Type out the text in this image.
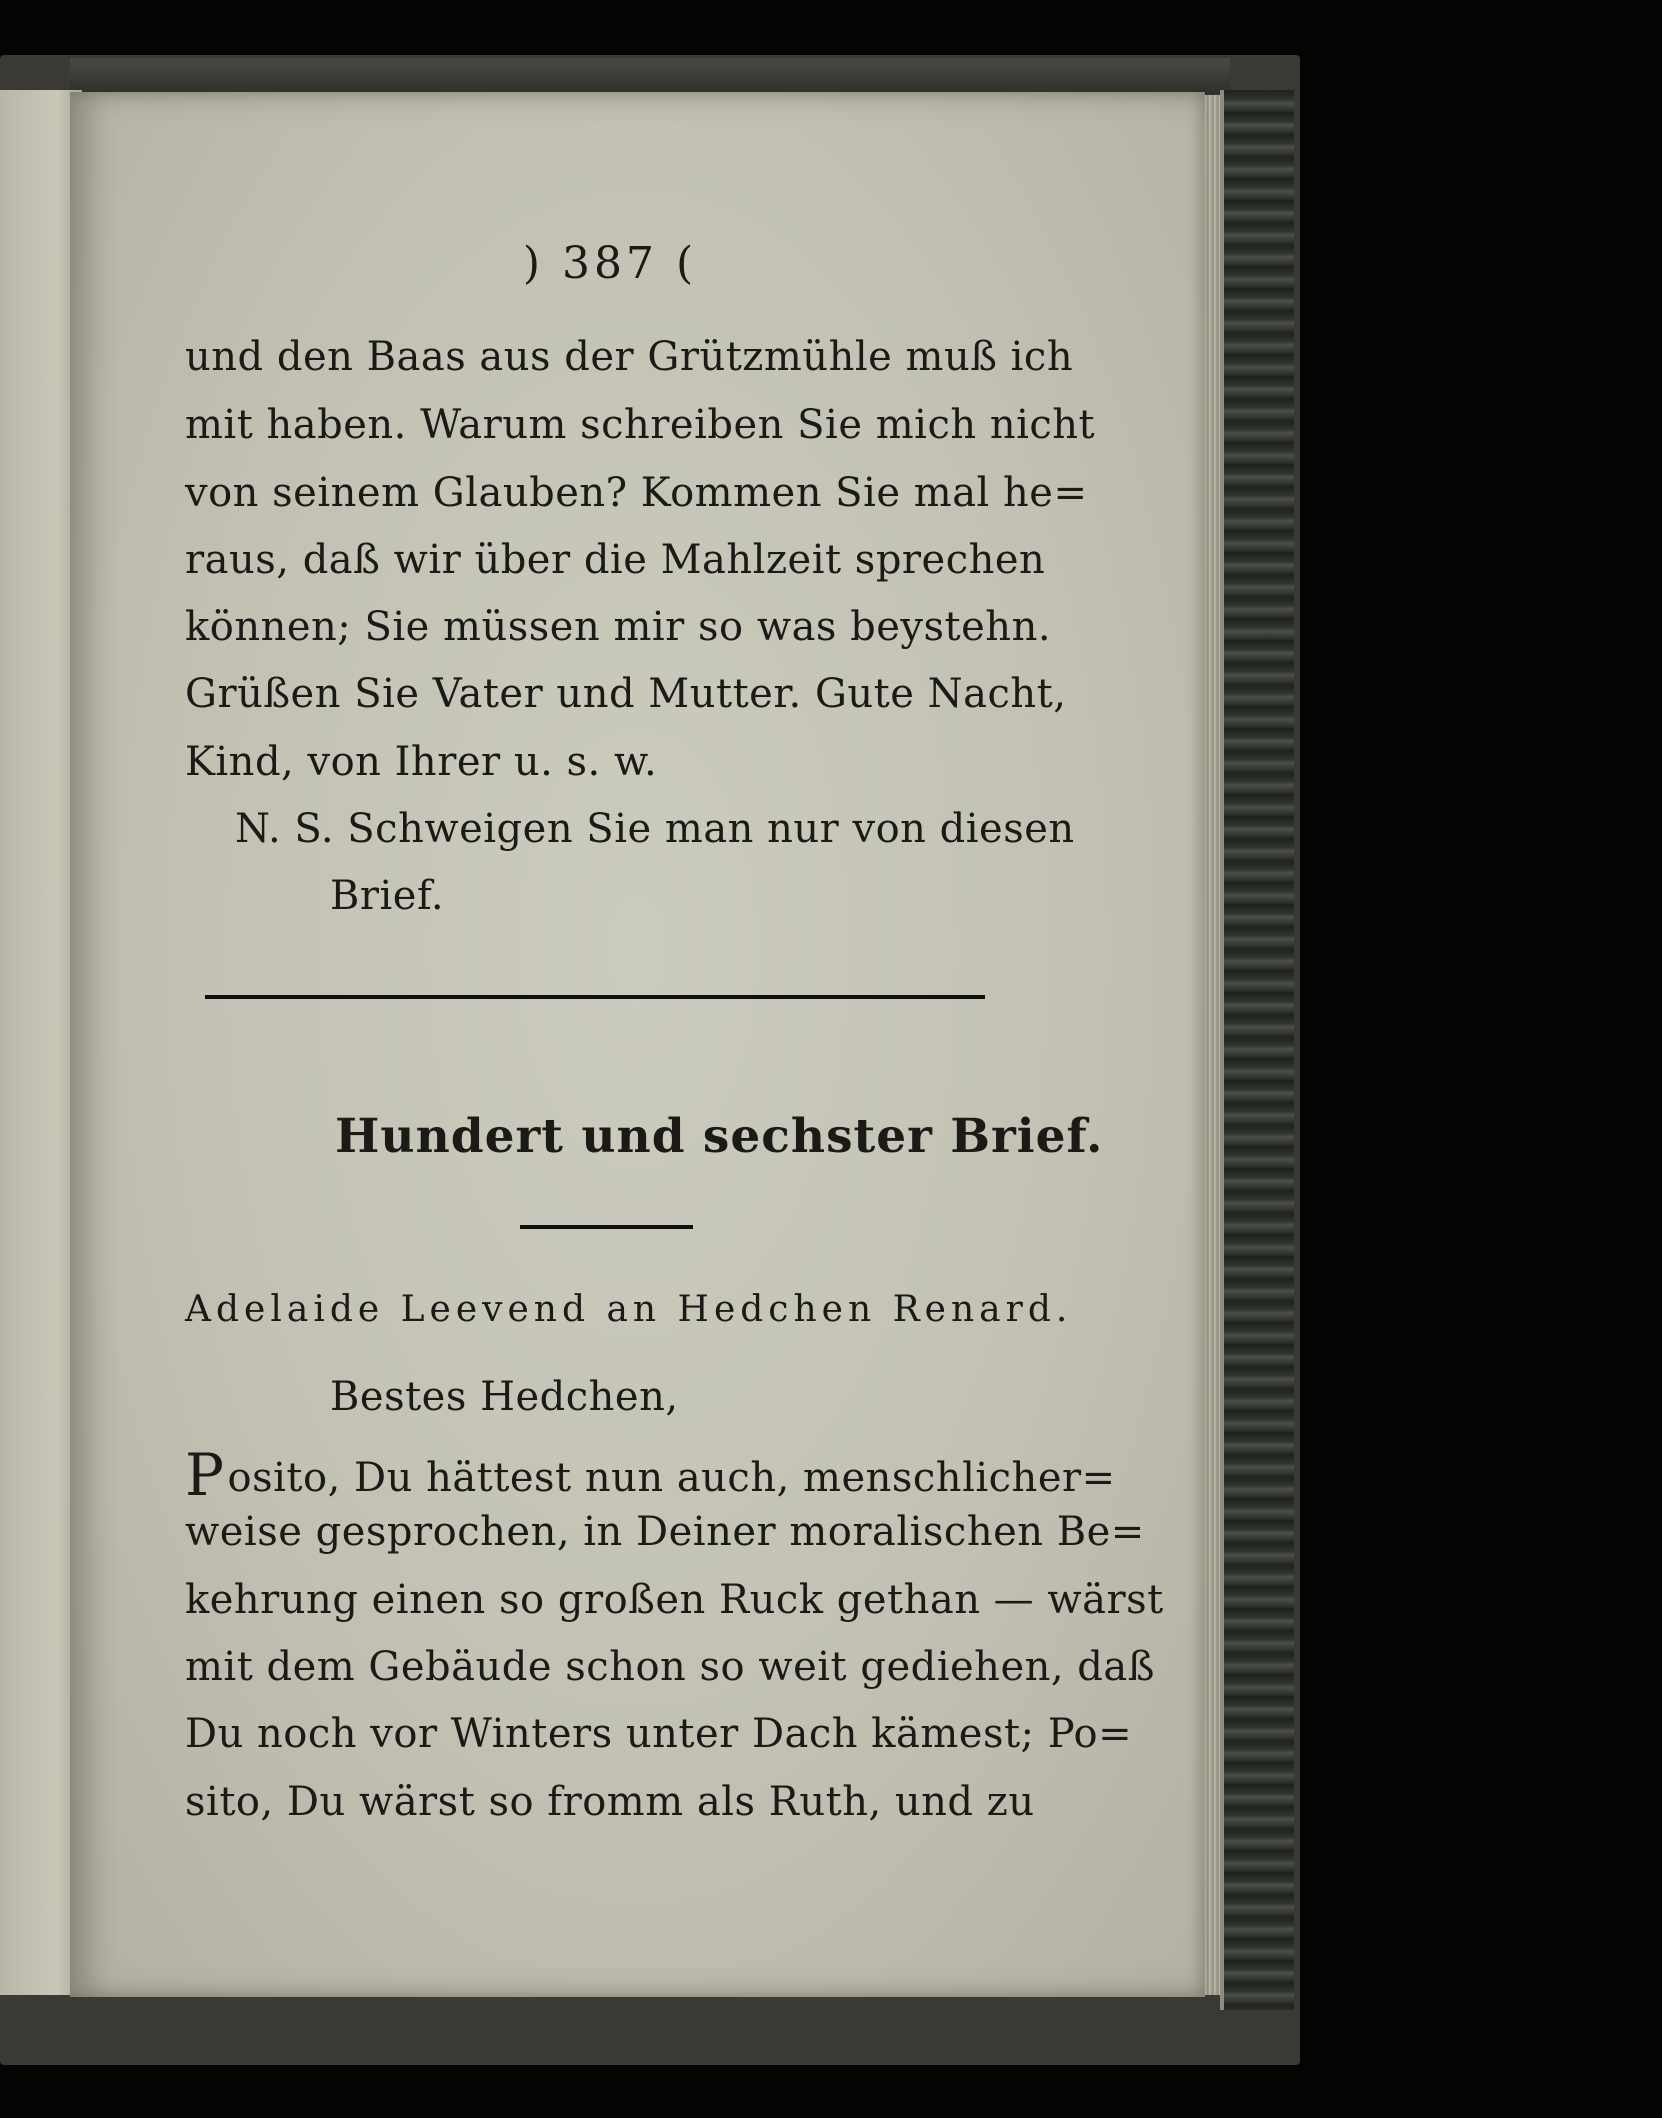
) 387 (
und den Baas aus der Grützmühle muß ich
mit haben. Warum schreiben Sie mich nicht
von seinem Glauben? Kommen Sie mal he=
raus, daß wir über die Mahlzeit sprechen
können; Sie müssen mir so was beystehn.
Grüßen Sie Vater und Mutter. Gute Nacht,
Kind, von Ihrer u. s. w.
N. S. Schweigen Sie man nur von diesen
Brief.
Hundert und sechster Brief.
Adelaide Leevend an Hedchen Renard.
Bestes Hedchen,
Posito, Du hättest nun auch, menschlicher=
weise gesprochen, in Deiner moralischen Be=
kehrung einen so großen Ruck gethan — wärst
mit dem Gebäude schon so weit gediehen, daß
Du noch vor Winters unter Dach kämest; Po=
sito, Du wärst so fromm als Ruth, und zu
